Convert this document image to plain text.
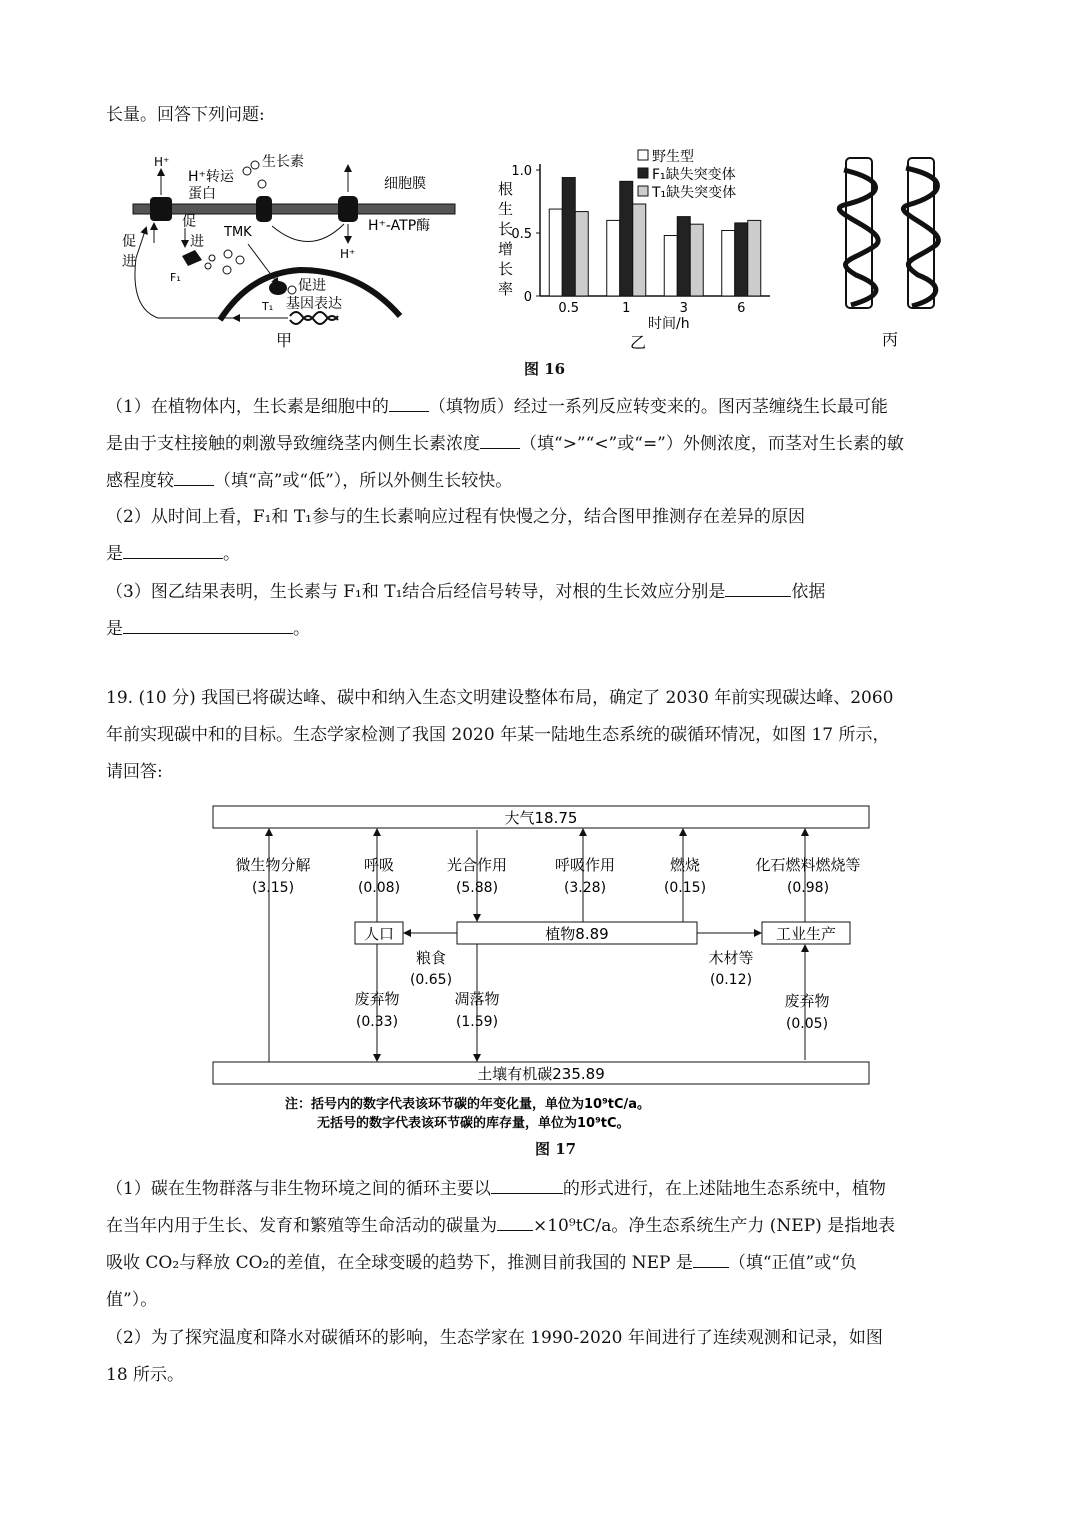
长量。回答下列问题:

H⁺
H⁺转运
蛋白
生长素
细胞膜
H⁺-ATP酶
H⁺
TMK
促
进
促
进
F₁
T₁
促进
基因表达
甲
根
生
长
增
长
率
1.0
0.5
0
0.5	1	3	6
野生型
F₁缺失突变体
T₁缺失突变体
时间/h
乙	丙
图 16

（1）在植物体内，生长素是细胞中的 （填物质）经过一系列反应转变来的。图丙茎缠绕生长最可能
是由于支柱接触的刺激导致缠绕茎内侧生长素浓度 （填“>”“<”或“=”）外侧浓度，而茎对生长素的敏
感程度较 （填“高”或“低”），所以外侧生长较快。

（2）从时间上看，F₁和 T₁参与的生长素响应过程有快慢之分，结合图甲推测存在差异的原因
是	。

（3）图乙结果表明，生长素与 F₁和 T₁结合后经信号转导，对根的生长效应分别是	依据
是	。

19. (10 分) 我国已将碳达峰、碳中和纳入生态文明建设整体布局，确定了 2030 年前实现碳达峰、2060
年前实现碳中和的目标。生态学家检测了我国 2020 年某一陆地生态系统的碳循环情况，如图 17 所示，
请回答:

大气18.75
土壤有机碳235.89
人口	植物8.89	工业生产
微生物分解
(3.15)
呼吸
(0.08)
光合作用
(5.88)
呼吸作用
(3.28)
燃烧
(0.15)
化石燃料燃烧等
(0.98)
粮食
(0.65)
木材等
(0.12)
废弃物
(0.33)
凋落物
(1.59)
废弃物
(0.05)
注：括号内的数字代表该环节碳的年变化量，单位为10⁹tC/a。
无括号的数字代表该环节碳的库存量，单位为10⁹tC。
图 17

（1）碳在生物群落与非生物环境之间的循环主要以	的形式进行，在上述陆地生态系统中，植物
在当年内用于生长、发育和繁殖等生命活动的碳量为 ×10⁹tC/a。净生态系统生产力 (NEP) 是指地表
吸收 CO₂与释放 CO₂的差值，在全球变暖的趋势下，推测目前我国的 NEP 是 （填“正值”或“负
值”）。

（2）为了探究温度和降水对碳循环的影响，生态学家在 1990-2020 年间进行了连续观测和记录，如图
18 所示。
